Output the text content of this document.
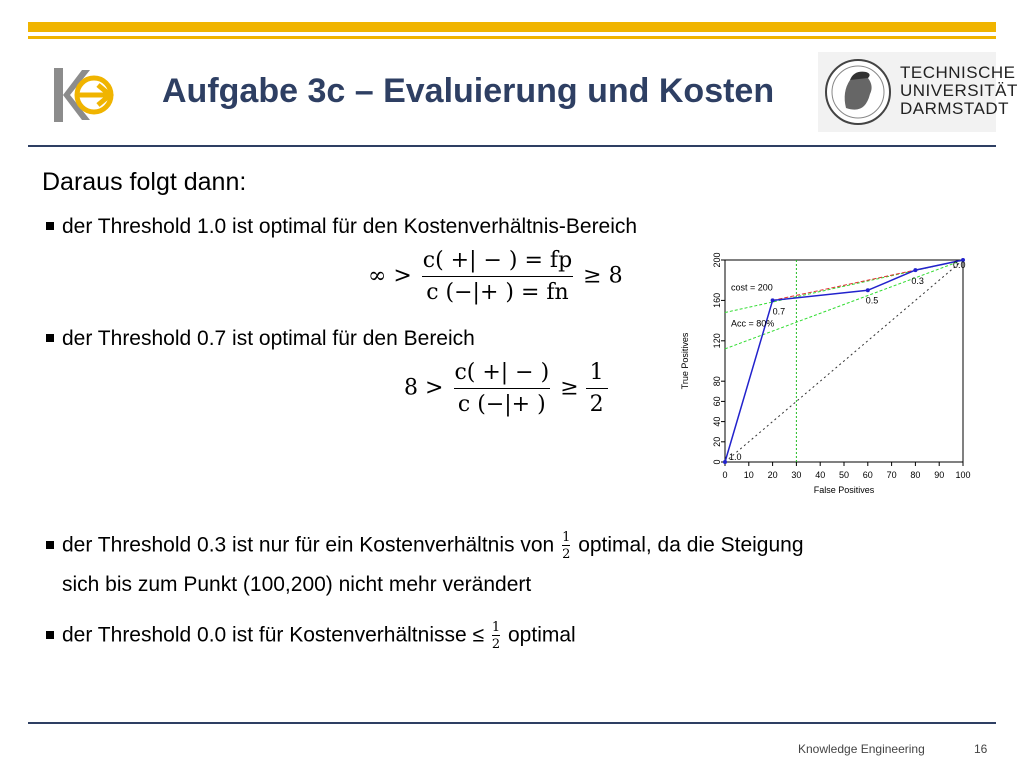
Aufgabe 3c – Evaluierung und Kosten	TECHNISCHE
UNIVERSITÄT
DARMSTADT
Daraus folgt dann:
der Threshold 1.0 ist optimal für den Kostenverhältnis-Bereich
∞ > $\frac{c( +| - ) = fp}{c (-|+ ) = fn} \ge 8$
der Threshold 0.7 ist optimal für den Bereich
$8 > \frac{c( +| - )}{c (-|+ )} \ge \frac{1}{2}$
der Threshold 0.3 ist nur für ein Kostenverhältnis von $\frac{1}{2}$ optimal, da die Steigung
sich bis zum Punkt (100,200) nicht mehr verändert
der Threshold 0.0 ist für Kostenverhältnisse ≤ $\frac{1}{2}$ optimal
0 10 20 30 40 50 60 70 80 90 100
0
20
40
60
80
120
160
200
False Positives
True Positives
1.0
0.7
0.5
0.3
0.0
cost = 200
Acc = 80%
Knowledge Engineering	16
